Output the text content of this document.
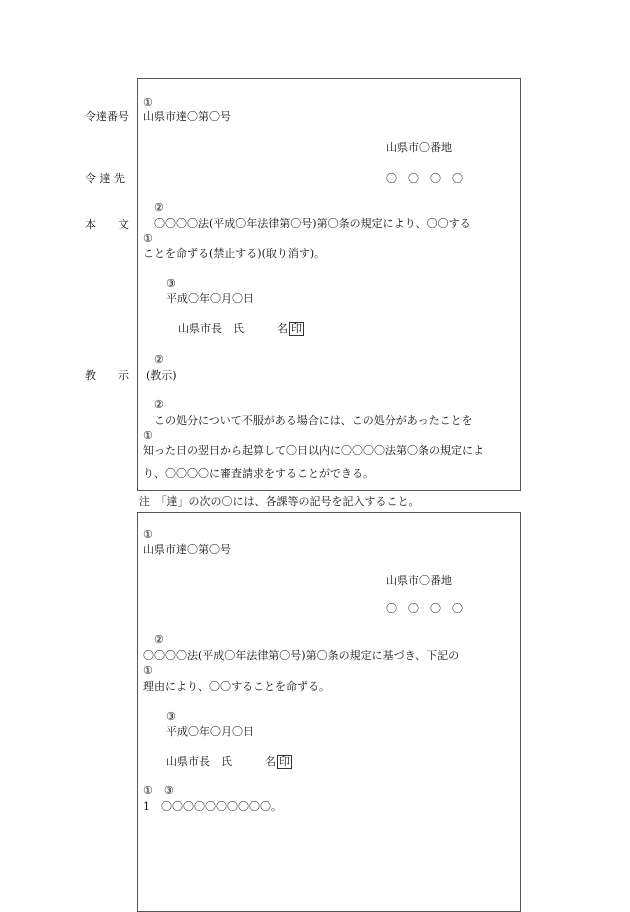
令達番号
令 達 先
本　　文
教　　示
①
山県市達〇第〇号
山県市〇番地
〇　〇　〇　〇
②
〇〇〇〇法(平成〇年法律第〇号)第〇条の規定により、〇〇する
①
ことを命ずる(禁止する)(取り消す)。
③
平成〇年〇月〇日
山県市長　氏　　　名 印
②
(教示)
②
この処分について不服がある場合には、この処分があったことを
①
知った日の翌日から起算して〇日以内に〇〇〇〇法第〇条の規定によ
り、〇〇〇〇に審査請求をすることができる。
注　「達」の次の〇には、各課等の記号を記入すること。
①
山県市達〇第〇号
山県市〇番地
〇　〇　〇　〇
②
〇〇〇〇法(平成〇年法律第〇号)第〇条の規定に基づき、下記の
①
理由により、〇〇することを命ずる。
③
平成〇年〇月〇日
山県市長　氏　　　名 印
①　③
1　〇〇〇〇〇〇〇〇〇〇。
